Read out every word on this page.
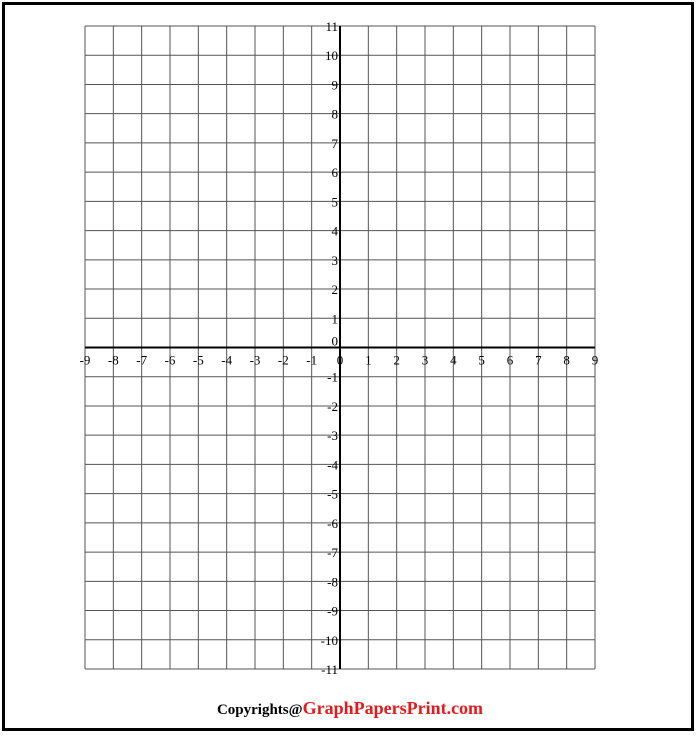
-9 -8 -7 -6 -5 -4 -3 -2 -1 0 1 2 3 4 5 6 7 8 9
11
10
9
8
7
6
5
4
3
2
1
0
-1
-2
-3
-4
-5
-6
-7
-8
-9
-10
-11
Copyrights@GraphPapersPrint.com
